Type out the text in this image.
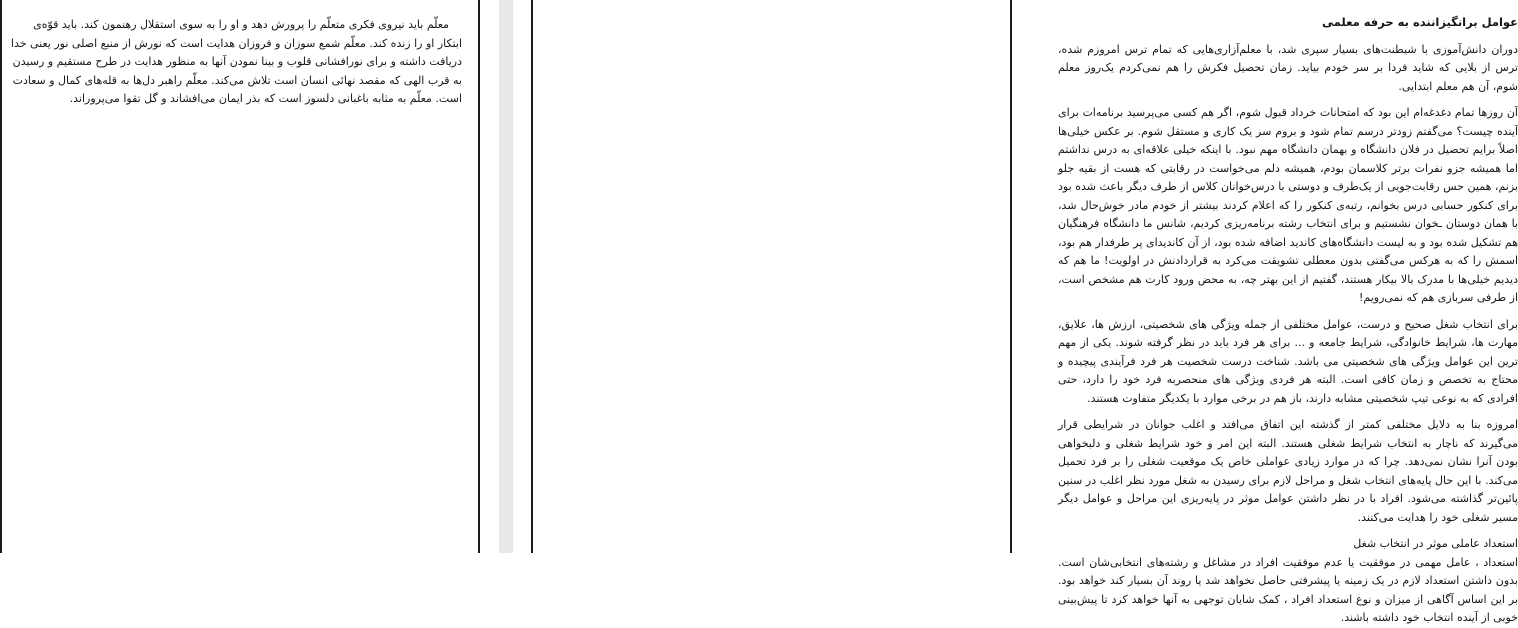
معلّم باید نیروی فکری متعلّم را پرورش دهد و او را به سوی استقلال رهنمون کند. باید قوّه‌ی ابتکار او را زنده کند. معلّم شمع سوزان و فروزان هدایت است که نورش از منبع اصلی نور یعنی خدا دریافت داشته و برای نورافشانی قلوب و بینا نمودن آنها به منظور هدایت در طرح مستقیم و رسیدن به قرب الهی که مقصد نهائی انسان است تلاش می‌کند. معلّم راهبر دل‌ها به قله‌های کمال و سعادت است. معلّم به مثابه باغبانی دلسوز است که بذر ایمان می‌افشاند و گل تقوا می‌پروراند.

عوامل برانگیزاننده به حرفه معلمی

دوران دانش‌آموزی با شیطنت‌های بسیار سپری شد، با معلم‌آزاری‌هایی که تمام ترس امروزم شده، ترس از بلایی که شاید فردا بر سر خودم بیاید. زمان تحصیل فکرش را هم نمی‌کردم یک‌روز معلم شوم، آن هم معلم ابتدایی.

آن روزها تمام دغدغه‌ام این بود که امتحانات خرداد قبول شوم، اگر هم کسی می‌پرسید برنامه‌ات برای آینده چیست؟ می‌گفتم زودتر درسم تمام شود و بروم سر یک کاری و مستقل شوم. بر عکس خیلی‌ها اصلاً برایم تحصیل در فلان دانشگاه و بهمان دانشگاه مهم نبود. با اینکه خیلی علاقه‌ای به درس نداشتم اما همیشه جزو نفرات برتر کلاسمان بودم، همیشه دلم می‌خواست در رقابتی که هست از بقیه جلو بزنم، همین حس رقابت‌جویی از یک‌طرف و دوستی با درس‌خوانان کلاس از طرف دیگر باعث شده بود برای کنکور حسابی درس بخوانم، رتبه‌ی کنکور را که اعلام کردند بیشتر از خودم مادر خوش‌حال شد، با همان دوستان ـخوان نشستیم و برای انتخاب رشته برنامه‌ریزی کردیم، شانس ما دانشگاه فرهنگیان هم تشکیل شده بود و به لیست دانشگاه‌های کاندید اضافه شده بود، از آن کاندیدای پر طرفدار هم بود، اسمش را که به هرکس می‌گفتی بدون معطلی تشویقت می‌کرد به قراردادنش در اولویت! ما هم که دیدیم خیلی‌ها با مدرک بالا بیکار هستند، گفتیم از این بهتر چه، به محض ورود کارت هم مشخص است، از طرفی سربازی هم که نمی‌رویم!

برای انتخاب شغل صحیح و درست، عوامل مختلفی از جمله ویژگی های شخصیتی، ارزش ها، علایق، مهارت ها، شرایط خانوادگی، شرایط جامعه و ... برای هر فرد باید در نظر گرفته شوند. یکی از مهم ترین این عوامل ویژگی های شخصیتی می باشد. شناخت درست شخصیت هر فرد فرآیندی پیچیده و محتاج به تخصص و زمان کافی است. البته هر فردی ویژگی های منحصربه فرد خود را دارد، حتی افرادی که به نوعی تیپ شخصیتی مشابه دارند، باز هم در برخی موارد با یکدیگر متفاوت هستند.

امروزه بنا به دلایل مختلفی کمتر از گذشته این اتفاق می‌افتد و اغلب جوانان در شرایطی قرار می‌گیرند که ناچار به انتخاب شرایط شغلی هستند. البته این امر و خود شرایط شغلی و دلبخواهی بودن آنرا نشان نمی‌دهد. چرا که در موارد زیادی عواملی خاص یک موقعیت شغلی را بر فرد تحمیل می‌کند. با این حال پایه‌های انتخاب شغل و مراحل لازم برای رسیدن به شغل مورد نظر اغلب در سنین پائین‌تر گذاشته می‌شود. افراد با در نظر داشتن عوامل موثر در پایه‌ریزی این مراحل و عوامل دیگر مسیر شغلی خود را هدایت می‌کنند.

استعداد عاملی موثر در انتخاب شغل

استعداد ، عامل مهمی در موفقیت یا عدم موفقیت افراد در مشاغل و رشته‌های انتخابی‌شان است. بدون داشتن استعداد لازم در یک زمینه یا پیشرفتی حاصل نخواهد شد یا روند آن بسیار کند خواهد بود. بر این اساس آگاهی از میزان و نوع استعداد افراد ، کمک شایان توجهی به آنها خواهد کرد تا پیش‌بینی خوبی از آینده انتخاب خود داشته باشند.
